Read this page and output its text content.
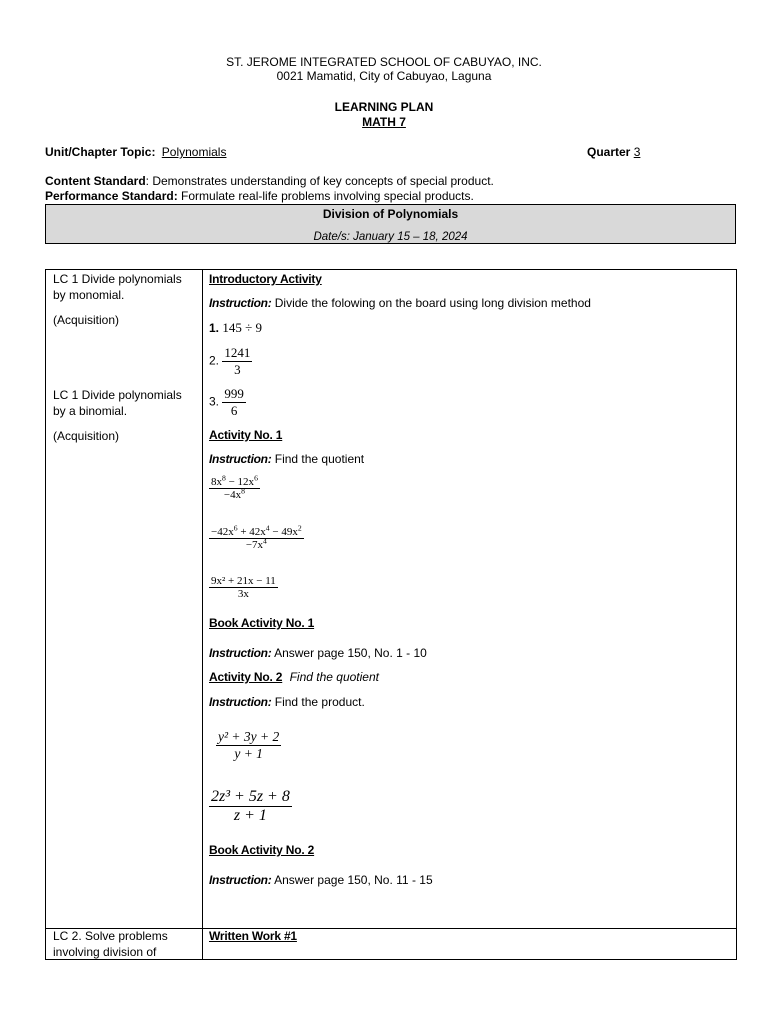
ST. JEROME INTEGRATED SCHOOL OF CABUYAO, INC.
0021 Mamatid, City of Cabuyao, Laguna
LEARNING PLAN
MATH 7
Unit/Chapter Topic: Polynomials	Quarter 3
Content Standard: Demonstrates understanding of key concepts of special product.
Performance Standard: Formulate real-life problems involving special products.
Division of Polynomials
Date/s: January 15 – 18, 2024
LC 1 Divide polynomials by monomial.
(Acquisition)
LC 1 Divide polynomials by a binomial.
(Acquisition)
LC 2. Solve problems involving division of
Introductory Activity
Instruction: Divide the folowing on the board using long division method
1. 145 ÷ 9
2. $\frac{1241}{3}$
3. $\frac{999}{6}$
Activity No. 1
Instruction: Find the quotient
$\frac{8x^8 - 12x^6}{-4x^8}$
$\frac{-42x^6 + 42x^4 - 49x^2}{-7x^4}$
$\frac{\text{9x² + 21x − 11}}{3x}$
Book Activity No. 1
Instruction: Answer page 150, No. 1 - 10
Activity No. 2 Find the quotient
Instruction: Find the product.
$\frac{\text{y² + 3y + 2}}{y + 1}$
$\frac{\text{2z³ + 5z + 8}}{z + 1}$
Book Activity No. 2
Instruction: Answer page 150, No. 11 - 15
Written Work #1
